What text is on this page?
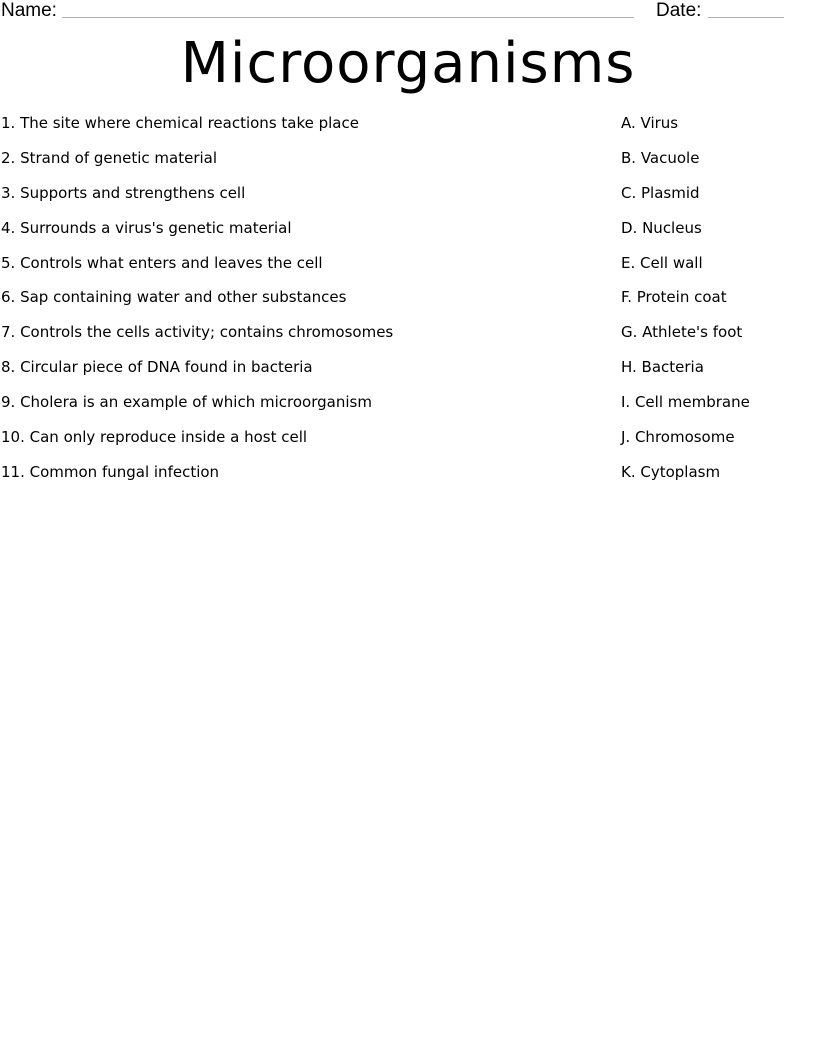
Name:	Date:
Microorganisms
1. The site where chemical reactions take place	A. Virus
2. Strand of genetic material	B. Vacuole
3. Supports and strengthens cell	C. Plasmid
4. Surrounds a virus's genetic material	D. Nucleus
5. Controls what enters and leaves the cell	E. Cell wall
6. Sap containing water and other substances	F. Protein coat
7. Controls the cells activity; contains chromosomes	G. Athlete's foot
8. Circular piece of DNA found in bacteria	H. Bacteria
9. Cholera is an example of which microorganism	I. Cell membrane
10. Can only reproduce inside a host cell	J. Chromosome
11. Common fungal infection	K. Cytoplasm
